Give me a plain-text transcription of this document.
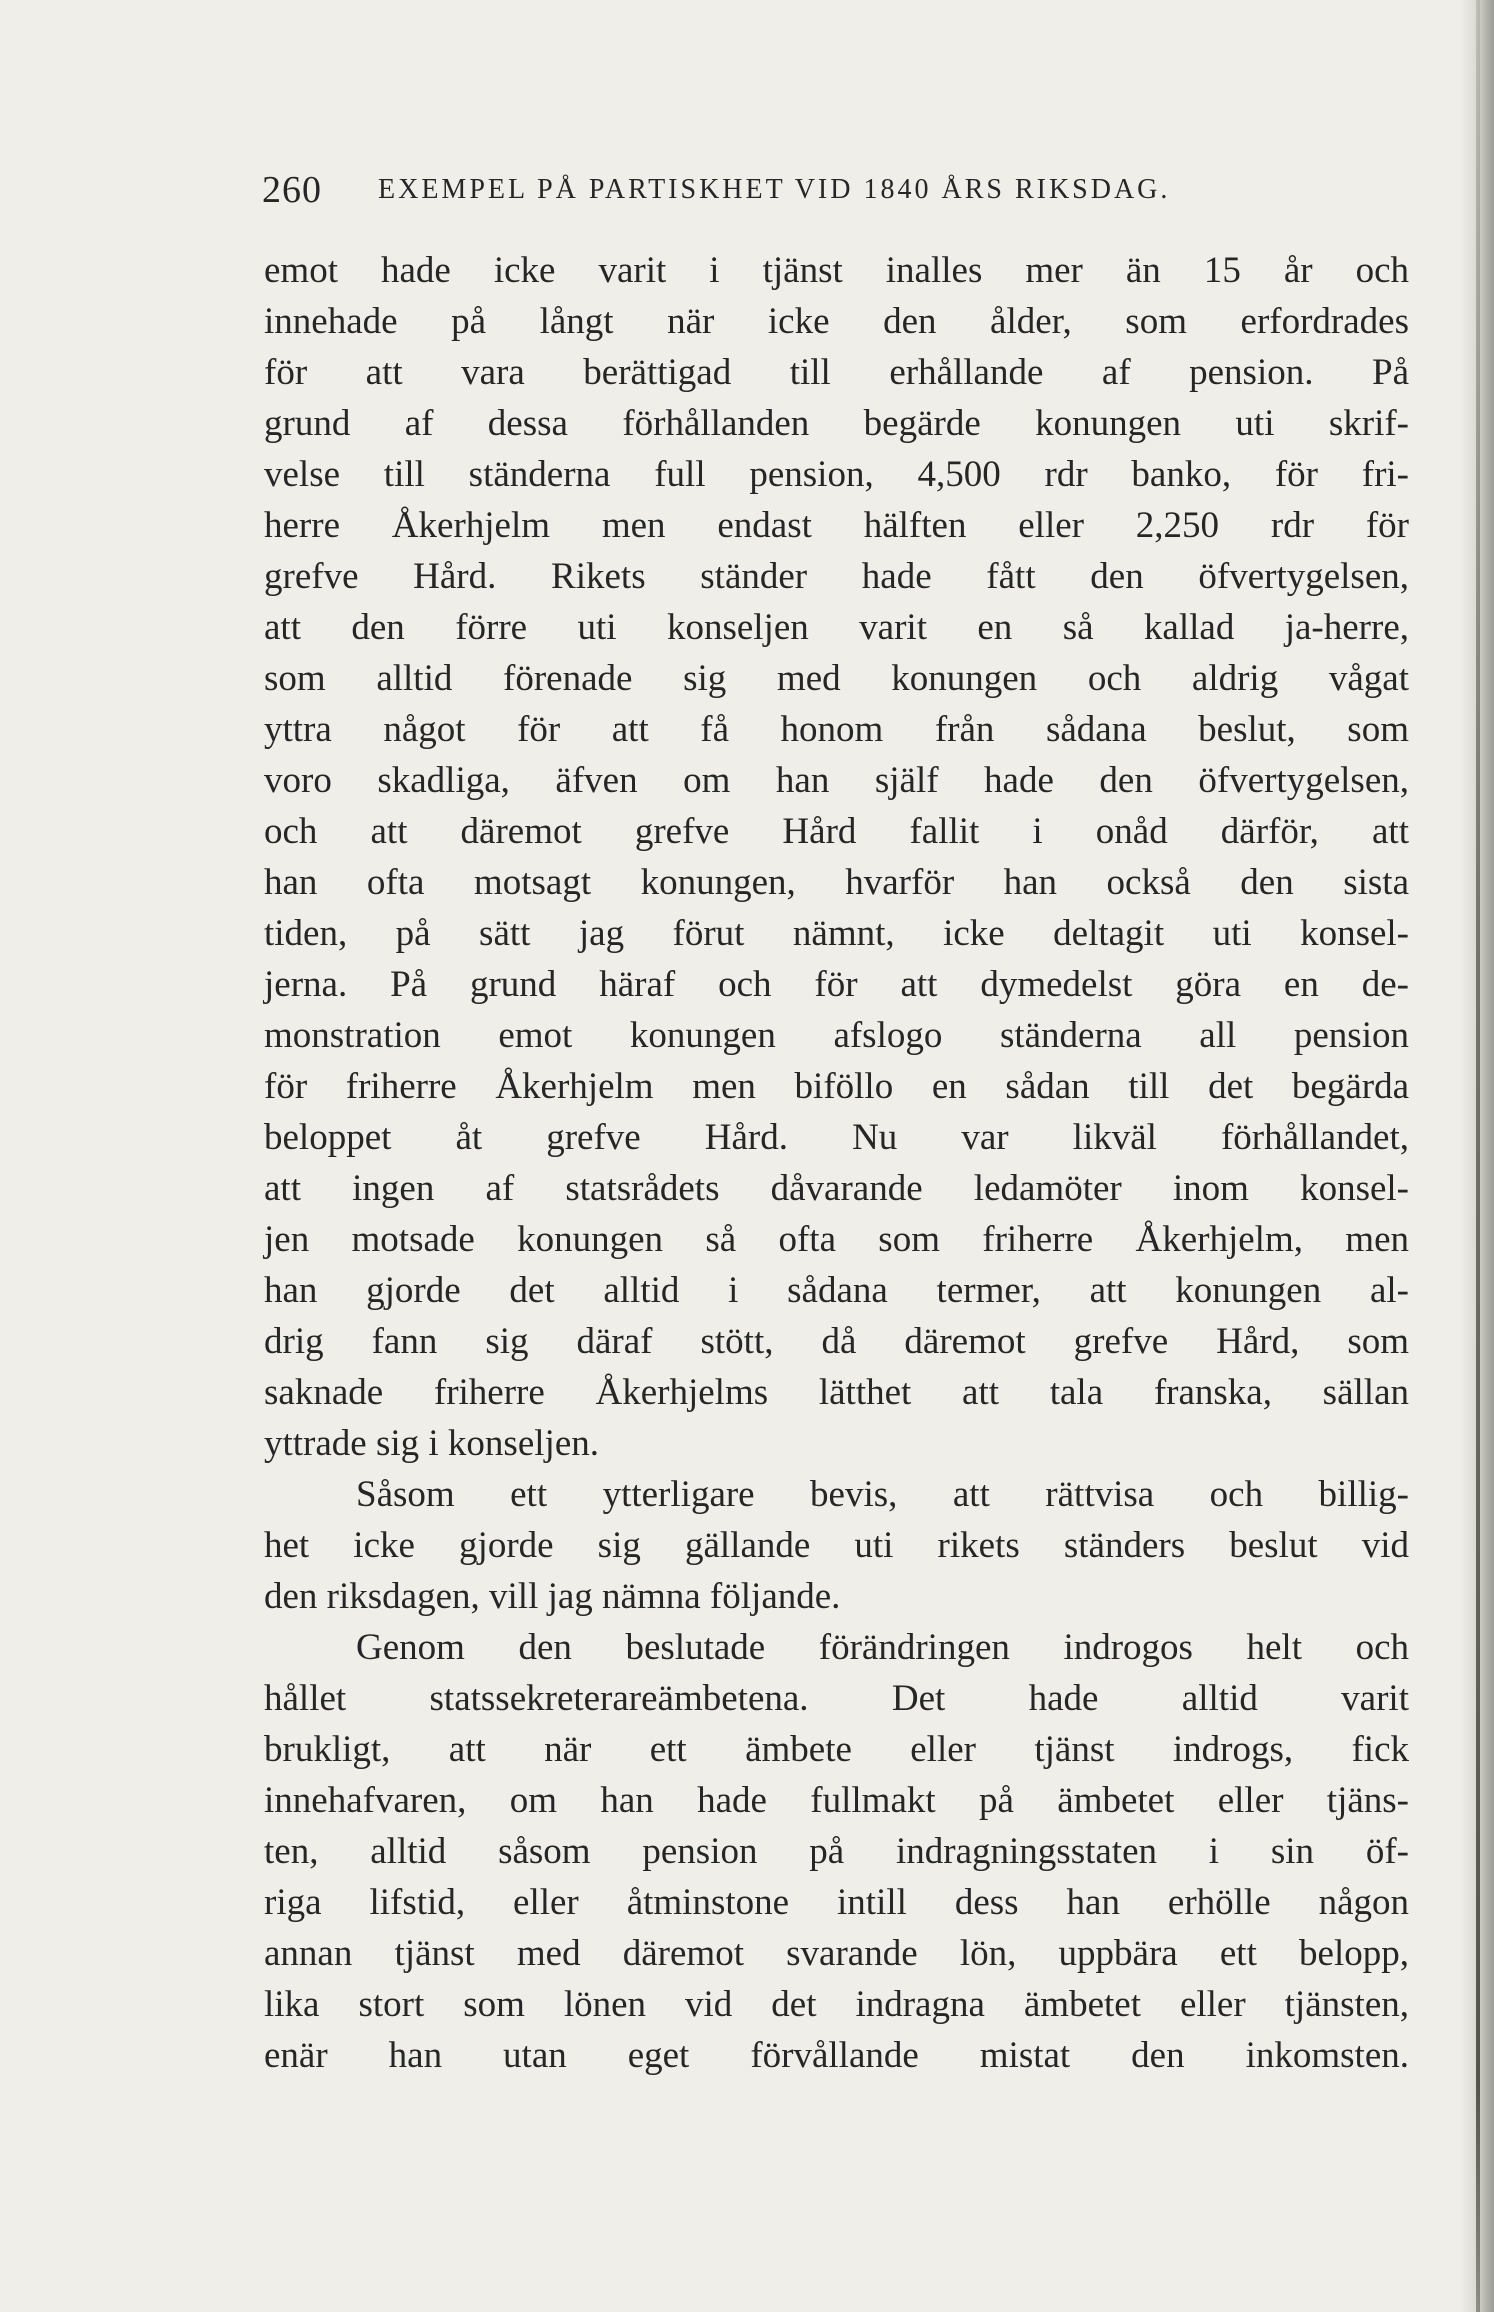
260 EXEMPEL PÅ PARTISKHET VID 1840 ÅRS RIKSDAG.
emot hade icke varit i tjänst inalles mer än 15 år och
innehade på långt när icke den ålder, som erfordrades
för att vara berättigad till erhållande af pension. På
grund af dessa förhållanden begärde konungen uti skrif-
velse till ständerna full pension, 4,500 rdr banko, för fri-
herre Åkerhjelm men endast hälften eller 2,250 rdr för
grefve Hård. Rikets ständer hade fått den öfvertygelsen,
att den förre uti konseljen varit en så kallad ja-herre,
som alltid förenade sig med konungen och aldrig vågat
yttra något för att få honom från sådana beslut, som
voro skadliga, äfven om han själf hade den öfvertygelsen,
och att däremot grefve Hård fallit i onåd därför, att
han ofta motsagt konungen, hvarför han också den sista
tiden, på sätt jag förut nämnt, icke deltagit uti konsel-
jerna. På grund häraf och för att dymedelst göra en de-
monstration emot konungen afslogo ständerna all pension
för friherre Åkerhjelm men biföllo en sådan till det begärda
beloppet åt grefve Hård. Nu var likväl förhållandet,
att ingen af statsrådets dåvarande ledamöter inom konsel-
jen motsade konungen så ofta som friherre Åkerhjelm, men
han gjorde det alltid i sådana termer, att konungen al-
drig fann sig däraf stött, då däremot grefve Hård, som
saknade friherre Åkerhjelms lätthet att tala franska, sällan
yttrade sig i konseljen.
Såsom ett ytterligare bevis, att rättvisa och billig-
het icke gjorde sig gällande uti rikets ständers beslut vid
den riksdagen, vill jag nämna följande.
Genom den beslutade förändringen indrogos helt och
hållet statssekreterareämbetena. Det hade alltid varit
brukligt, att när ett ämbete eller tjänst indrogs, fick
innehafvaren, om han hade fullmakt på ämbetet eller tjäns-
ten, alltid såsom pension på indragningsstaten i sin öf-
riga lifstid, eller åtminstone intill dess han erhölle någon
annan tjänst med däremot svarande lön, uppbära ett belopp,
lika stort som lönen vid det indragna ämbetet eller tjänsten,
enär han utan eget förvållande mistat den inkomsten.
